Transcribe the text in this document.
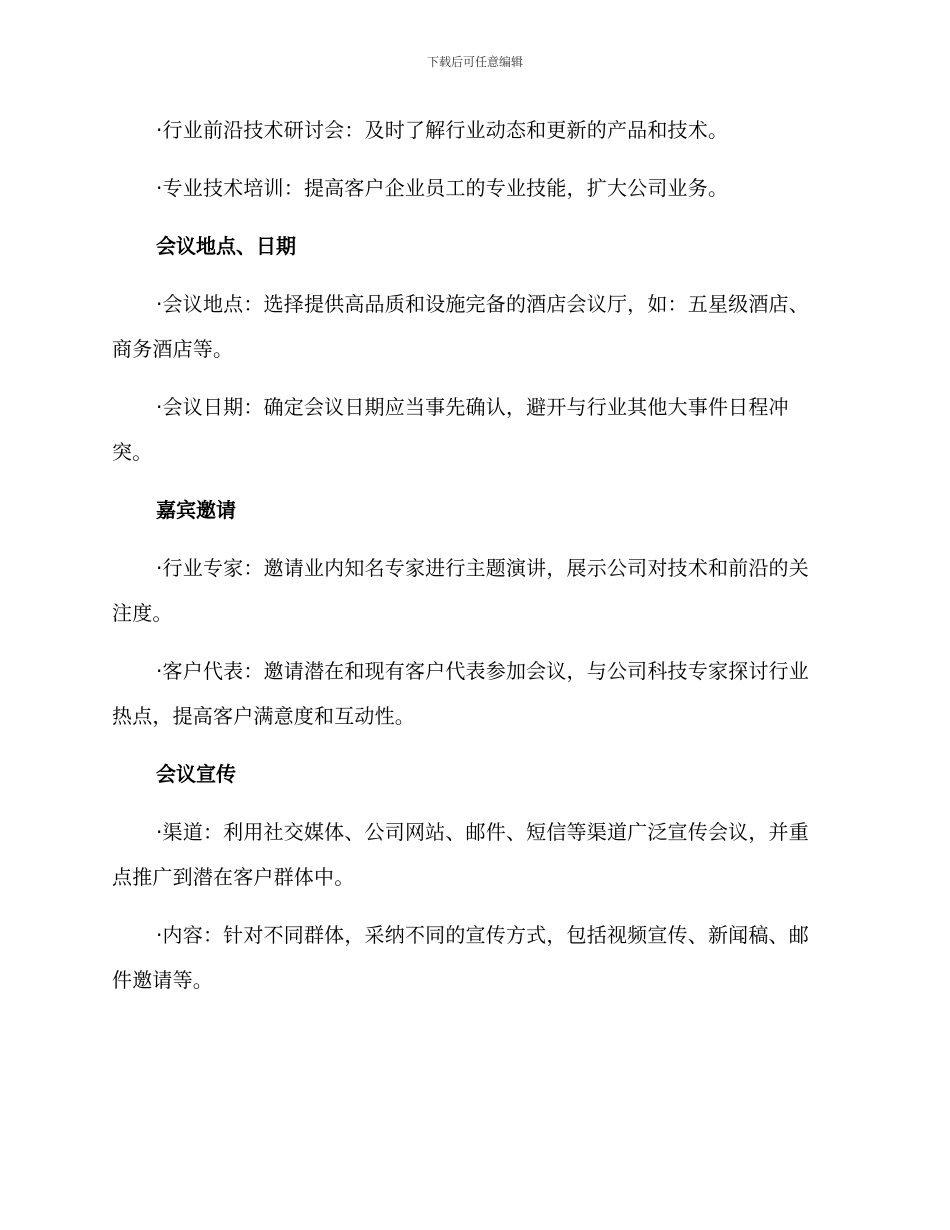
下载后可任意编辑

·行业前沿技术研讨会：及时了解行业动态和更新的产品和技术。

·专业技术培训：提高客户企业员工的专业技能，扩大公司业务。

会议地点、日期

·会议地点：选择提供高品质和设施完备的酒店会议厅，如：五星级酒店、商务酒店等。

·会议日期：确定会议日期应当事先确认，避开与行业其他大事件日程冲突。

嘉宾邀请

·行业专家：邀请业内知名专家进行主题演讲，展示公司对技术和前沿的关注度。

·客户代表：邀请潜在和现有客户代表参加会议，与公司科技专家探讨行业热点，提高客户满意度和互动性。

会议宣传

·渠道：利用社交媒体、公司网站、邮件、短信等渠道广泛宣传会议，并重点推广到潜在客户群体中。

·内容：针对不同群体，采纳不同的宣传方式，包括视频宣传、新闻稿、邮件邀请等。
